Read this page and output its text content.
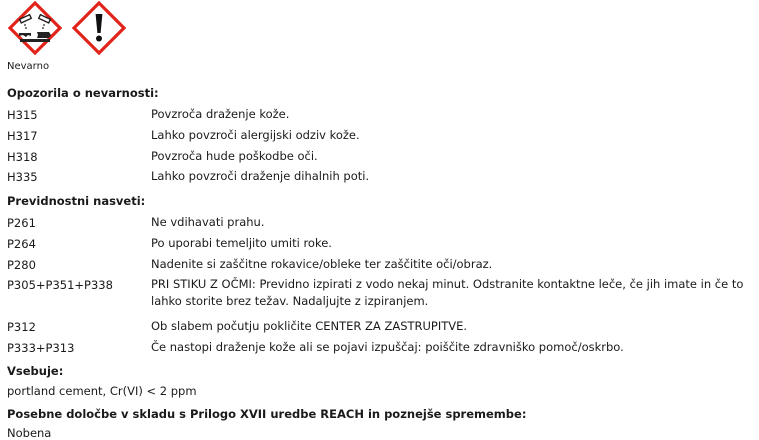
Nevarno
Opozorila o nevarnosti:
H315	Povzroča draženje kože.
H317	Lahko povzroči alergijski odziv kože.
H318	Povzroča hude poškodbe oči.
H335	Lahko povzroči draženje dihalnih poti.
Previdnostni nasveti:
P261	Ne vdihavati prahu.
P264	Po uporabi temeljito umiti roke.
P280	Nadenite si zaščitne rokavice/obleke ter zaščitite oči/obraz.
P305+P351+P338	PRI STIKU Z OČMI: Previdno izpirati z vodo nekaj minut. Odstranite kontaktne leče, če jih imate in če to lahko storite brez težav. Nadaljujte z izpiranjem.
P312	Ob slabem počutju pokličite CENTER ZA ZASTRUPITVE.
P333+P313	Če nastopi draženje kože ali se pojavi izpuščaj: poiščite zdravniško pomoč/oskrbo.
Vsebuje:
portland cement, Cr(VI) < 2 ppm
Posebne določbe v skladu s Prilogo XVII uredbe REACH in poznejše spremembe:
Nobena
